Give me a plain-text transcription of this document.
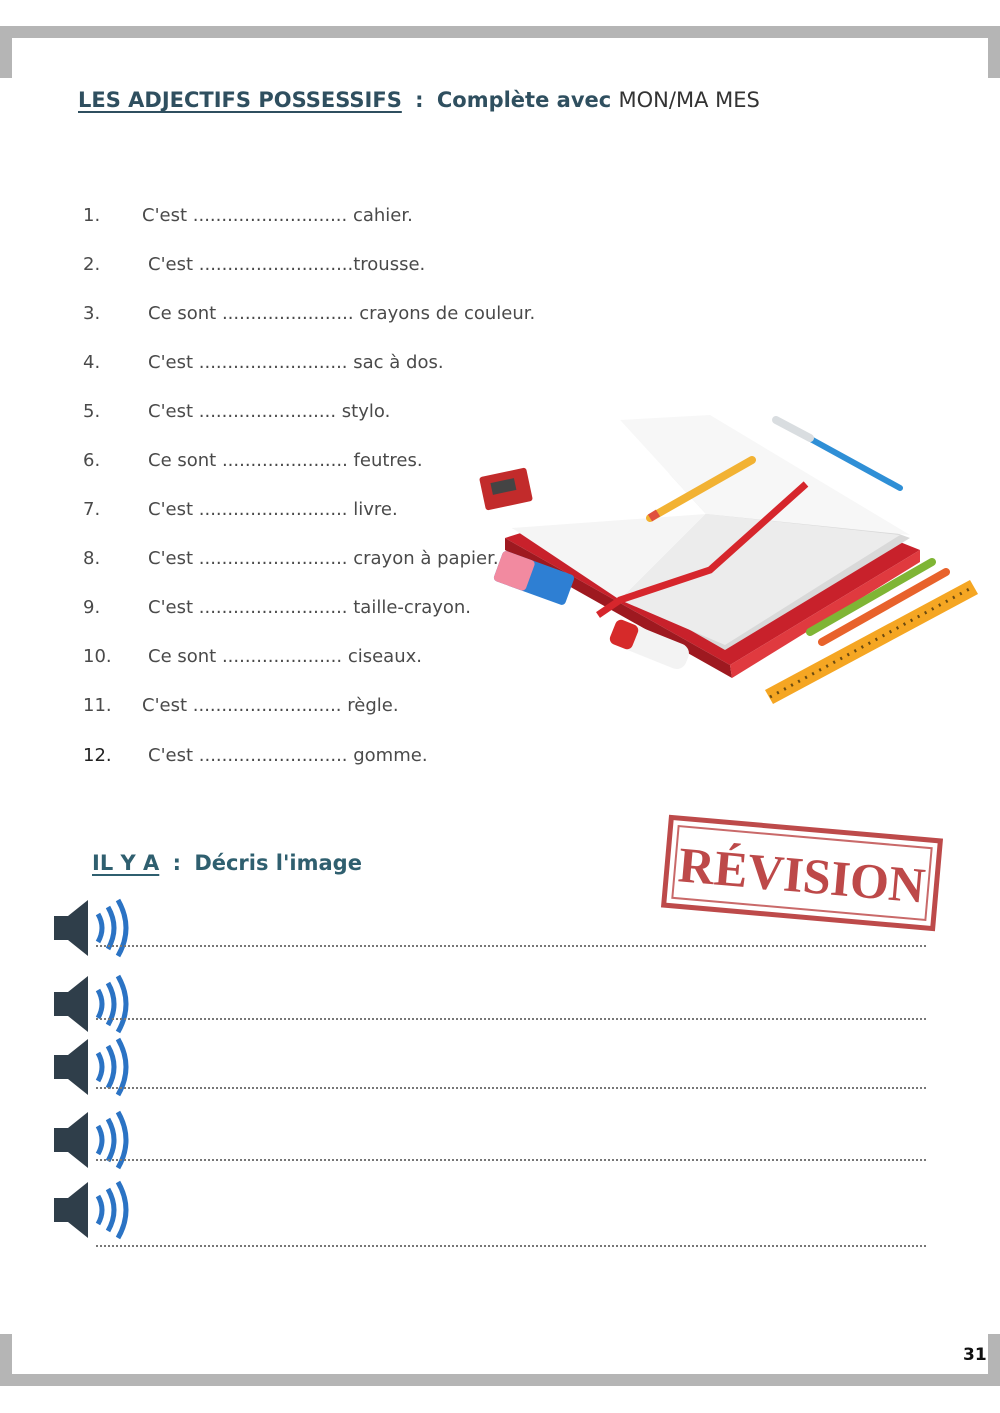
LES ADJECTIFS POSSESSIFS : Complète avec MON/MA MES
1. C'est ........................... cahier.
2.	C'est ...........................trousse.
3.	Ce sont ....................... crayons de couleur.
4.	C'est .......................... sac à dos.
5.	C'est ........................ stylo.
6.	Ce sont ...................... feutres.
7.	C'est .......................... livre.
8.	C'est .......................... crayon à papier.
9.	C'est .......................... taille-crayon.
10. Ce sont ..................... ciseaux.
11. C'est .......................... règle.
12. C'est .......................... gomme.
IL Y A : Décris l'image	RÉVISION
31
